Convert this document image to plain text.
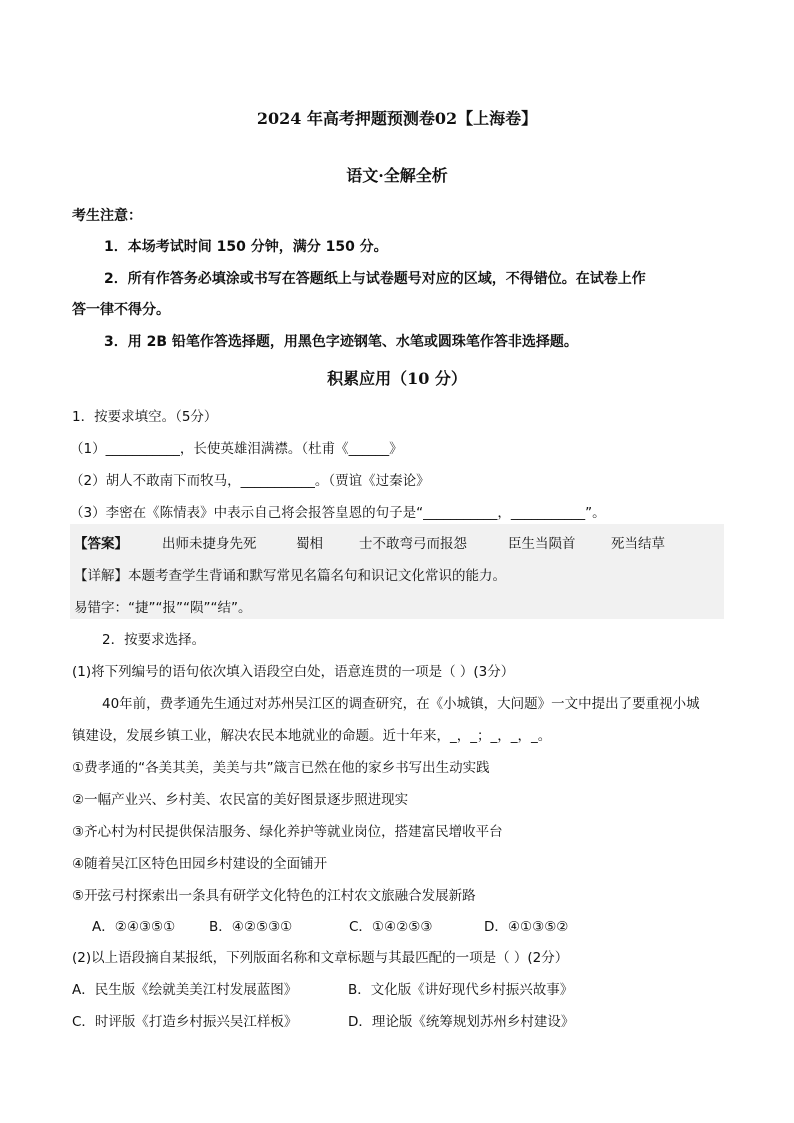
2024 年高考押题预测卷02【上海卷】
语文·全解全析
考生注意：
1．本场考试时间 150 分钟，满分 150 分。
2．所有作答务必填涂或书写在答题纸上与试卷题号对应的区域，不得错位。在试卷上作
答一律不得分。
3．用 2B 铅笔作答选择题，用黑色字迹钢笔、水笔或圆珠笔作答非选择题。
积累应用（10 分）
1．按要求填空。（5分）
（1）___________，长使英雄泪满襟。（杜甫《______》
（2）胡人不敢南下而牧马，___________。（贾谊《过秦论》
（3）李密在《陈情表》中表示自己将会报答皇恩的句子是“___________，___________”。
【答案】	出师未捷身先死	蜀相	士不敢弯弓而报怨	臣生当陨首	死当结草
【详解】本题考查学生背诵和默写常见名篇名句和识记文化常识的能力。
易错字：“捷”“报”“陨”“结”。
2．按要求选择。
(1)将下列编号的语句依次填入语段空白处，语意连贯的一项是（ ）(3分）
40年前，费孝通先生通过对苏州吴江区的调查研究，在《小城镇，大问题》一文中提出了要重视小城
镇建设，发展乡镇工业，解决农民本地就业的命题。近十年来，_，_；_，_，_。
①费孝通的“各美其美，美美与共”箴言已然在他的家乡书写出生动实践
②一幅产业兴、乡村美、农民富的美好图景逐步照进现实
③齐心村为村民提供保洁服务、绿化养护等就业岗位，搭建富民增收平台
④随着吴江区特色田园乡村建设的全面铺开
⑤开弦弓村探索出一条具有研学文化特色的江村农文旅融合发展新路
A．②④③⑤①	B．④②⑤③①	C．①④②⑤③	D．④①③⑤②
(2)以上语段摘自某报纸，下列版面名称和文章标题与其最匹配的一项是（ ）(2分）
A．民生版《绘就美美江村发展蓝图》	B．文化版《讲好现代乡村振兴故事》
C．时评版《打造乡村振兴吴江样板》	D．理论版《统筹规划苏州乡村建设》
